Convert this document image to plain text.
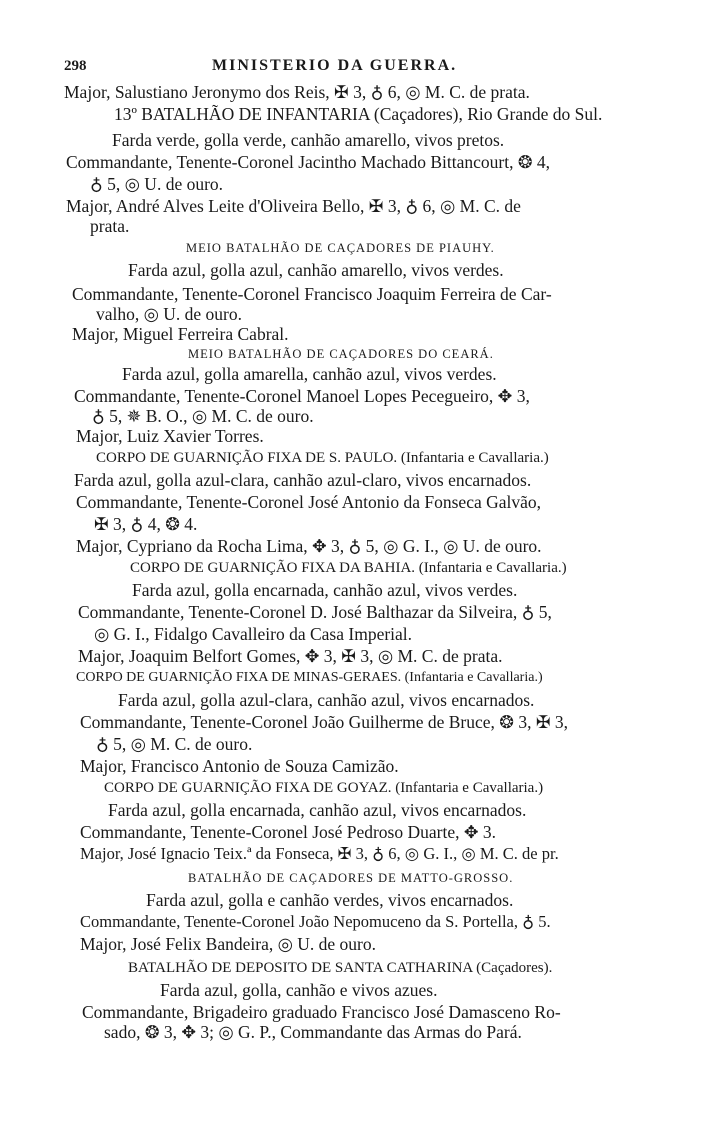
298	MINISTERIO DA GUERRA.
Major, Salustiano Jeronymo dos Reis, ✠ 3, ♁ 6, ◎ M. C. de prata.
13º BATALHÃO DE INFANTARIA (Caçadores), Rio Grande do Sul.
Farda verde, golla verde, canhão amarello, vivos pretos.
Commandante, Tenente-Coronel Jacintho Machado Bittancourt, ❂ 4,
♁ 5, ◎ U. de ouro.
Major, André Alves Leite d'Oliveira Bello, ✠ 3, ♁ 6, ◎ M. C. de
prata.
MEIO BATALHÃO DE CAÇADORES DE PIAUHY.
Farda azul, golla azul, canhão amarello, vivos verdes.
Commandante, Tenente-Coronel Francisco Joaquim Ferreira de Car-
valho, ◎ U. de ouro.
Major, Miguel Ferreira Cabral.
MEIO BATALHÃO DE CAÇADORES DO CEARÁ.
Farda azul, golla amarella, canhão azul, vivos verdes.
Commandante, Tenente-Coronel Manoel Lopes Pecegueiro, ✥ 3,
♁ 5, ✵ B. O., ◎ M. C. de ouro.
Major, Luiz Xavier Torres.
CORPO DE GUARNIÇÃO FIXA DE S. PAULO. (Infantaria e Cavallaria.)
Farda azul, golla azul-clara, canhão azul-claro, vivos encarnados.
Commandante, Tenente-Coronel José Antonio da Fonseca Galvão,
✠ 3, ♁ 4, ❂ 4.
Major, Cypriano da Rocha Lima, ✥ 3, ♁ 5, ◎ G. I., ◎ U. de ouro.
CORPO DE GUARNIÇÃO FIXA DA BAHIA. (Infantaria e Cavallaria.)
Farda azul, golla encarnada, canhão azul, vivos verdes.
Commandante, Tenente-Coronel D. José Balthazar da Silveira, ♁ 5,
◎ G. I., Fidalgo Cavalleiro da Casa Imperial.
Major, Joaquim Belfort Gomes, ✥ 3, ✠ 3, ◎ M. C. de prata.
CORPO DE GUARNIÇÃO FIXA DE MINAS-GERAES. (Infantaria e Cavallaria.)
Farda azul, golla azul-clara, canhão azul, vivos encarnados.
Commandante, Tenente-Coronel João Guilherme de Bruce, ❂ 3, ✠ 3,
♁ 5, ◎ M. C. de ouro.
Major, Francisco Antonio de Souza Camizão.
CORPO DE GUARNIÇÃO FIXA DE GOYAZ. (Infantaria e Cavallaria.)
Farda azul, golla encarnada, canhão azul, vivos encarnados.
Commandante, Tenente-Coronel José Pedroso Duarte, ✥ 3.
Major, José Ignacio Teix.ª da Fonseca, ✠ 3, ♁ 6, ◎ G. I., ◎ M. C. de pr.
BATALHÃO DE CAÇADORES DE MATTO-GROSSO.
Farda azul, golla e canhão verdes, vivos encarnados.
Commandante, Tenente-Coronel João Nepomuceno da S. Portella, ♁ 5.
Major, José Felix Bandeira, ◎ U. de ouro.
BATALHÃO DE DEPOSITO DE SANTA CATHARINA (Caçadores).
Farda azul, golla, canhão e vivos azues.
Commandante, Brigadeiro graduado Francisco José Damasceno Ro-
sado, ❂ 3, ✥ 3; ◎ G. P., Commandante das Armas do Pará.
